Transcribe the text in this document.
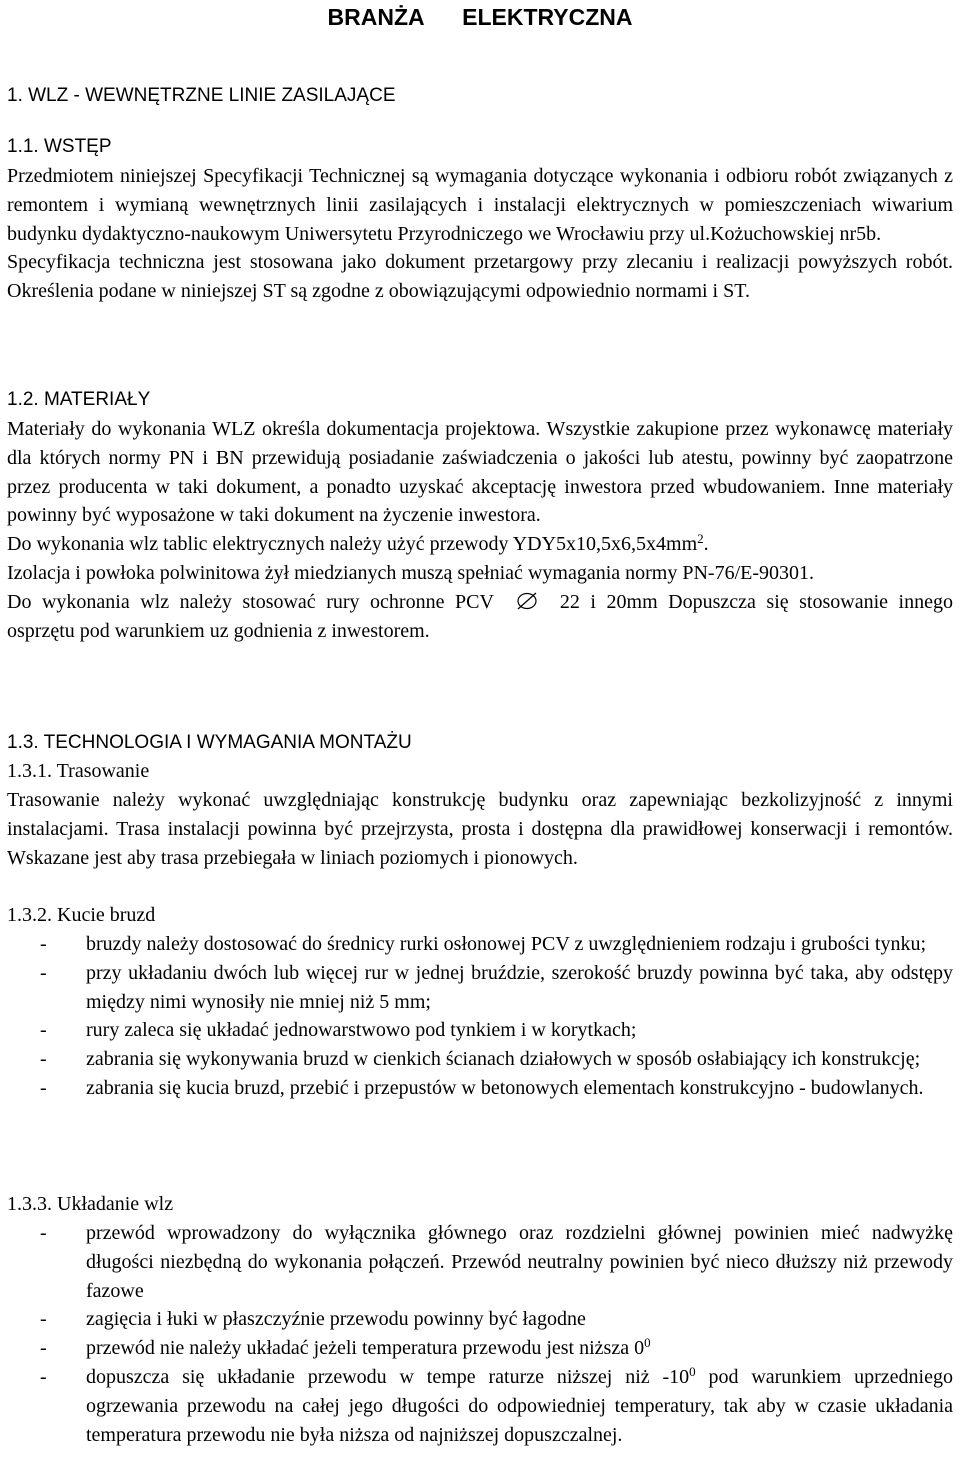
BRANŻA ELEKTRYCZNA
1. WLZ - WEWNĘTRZNE LINIE ZASILAJĄCE
1.1. WSTĘP

Przedmiotem niniejszej Specyfikacji Technicznej są wymagania dotyczące wykonania i odbioru robót związanych z remontem i wymianą wewnętrznych linii zasilających i instalacji elektrycznych w pomieszczeniach wiwarium budynku dydaktyczno-naukowym Uniwersytetu Przyrodniczego we Wrocławiu przy ul.Kożuchowskiej nr5b.

Specyfikacja techniczna jest stosowana jako dokument przetargowy przy zlecaniu i realizacji powyższych robót. Określenia podane w niniejszej ST są zgodne z obowiązującymi odpowiednio normami i ST.

1.2. MATERIAŁY

Materiały do wykonania WLZ określa dokumentacja projektowa. Wszystkie zakupione przez wykonawcę materiały dla których normy PN i BN przewidują posiadanie zaświadczenia o jakości lub atestu, powinny być zaopatrzone przez producenta w taki dokument, a ponadto uzyskać akceptację inwestora przed wbudowaniem. Inne materiały powinny być wyposażone w taki dokument na życzenie inwestora.

Do wykonania wlz tablic elektrycznych należy użyć przewody $YDY5x10,5x6,5x4mm^2$.

Izolacja i powłoka polwinitowa żył miedzianych muszą spełniać wymagania normy PN-76/E-90301.

Do wykonania wlz należy stosować rury ochronne PCV	22 i 20mm Dopuszcza się stosowanie innego osprzętu pod warunkiem uz godnienia z inwestorem.

1.3. TECHNOLOGIA I WYMAGANIA MONTAŻU
1.3.1. Trasowanie

Trasowanie należy wykonać uwzględniając konstrukcję budynku oraz zapewniając bezkolizyjność z innymi instalacjami. Trasa instalacji powinna być przejrzysta, prosta i dostępna dla prawidłowej konserwacji i remontów. Wskazane jest aby trasa przebiegała w liniach poziomych i pionowych.

1.3.2. Kucie bruzd
- bruzdy należy dostosować do średnicy rurki osłonowej PCV z uwzględnieniem rodzaju i grubości tynku;
- przy układaniu dwóch lub więcej rur w jednej bruździe, szerokość bruzdy powinna być taka, aby odstępy między nimi wynosiły nie mniej niż 5 mm;
- rury zaleca się układać jednowarstwowo pod tynkiem i w korytkach;
- zabrania się wykonywania bruzd w cienkich ścianach działowych w sposób osłabiający ich konstrukcję;
- zabrania się kucia bruzd, przebić i przepustów w betonowych elementach konstrukcyjno - budowlanych.
1.3.3. Układanie wlz
- przewód wprowadzony do wyłącznika głównego oraz rozdzielni głównej powinien mieć nadwyżkę długości niezbędną do wykonania połączeń. Przewód neutralny powinien być nieco dłuższy niż przewody fazowe
- zagięcia i łuki w płaszczyźnie przewodu powinny być łagodne
- przewód nie należy układać jeżeli temperatura przewodu jest niższa $0^0$
- dopuszcza się układanie przewodu w tempe raturze niższej niż $-10^0$ pod warunkiem uprzedniego ogrzewania przewodu na całej jego długości do odpowiedniej temperatury, tak aby w czasie układania temperatura przewodu nie była niższa od najniższej dopuszczalnej.
